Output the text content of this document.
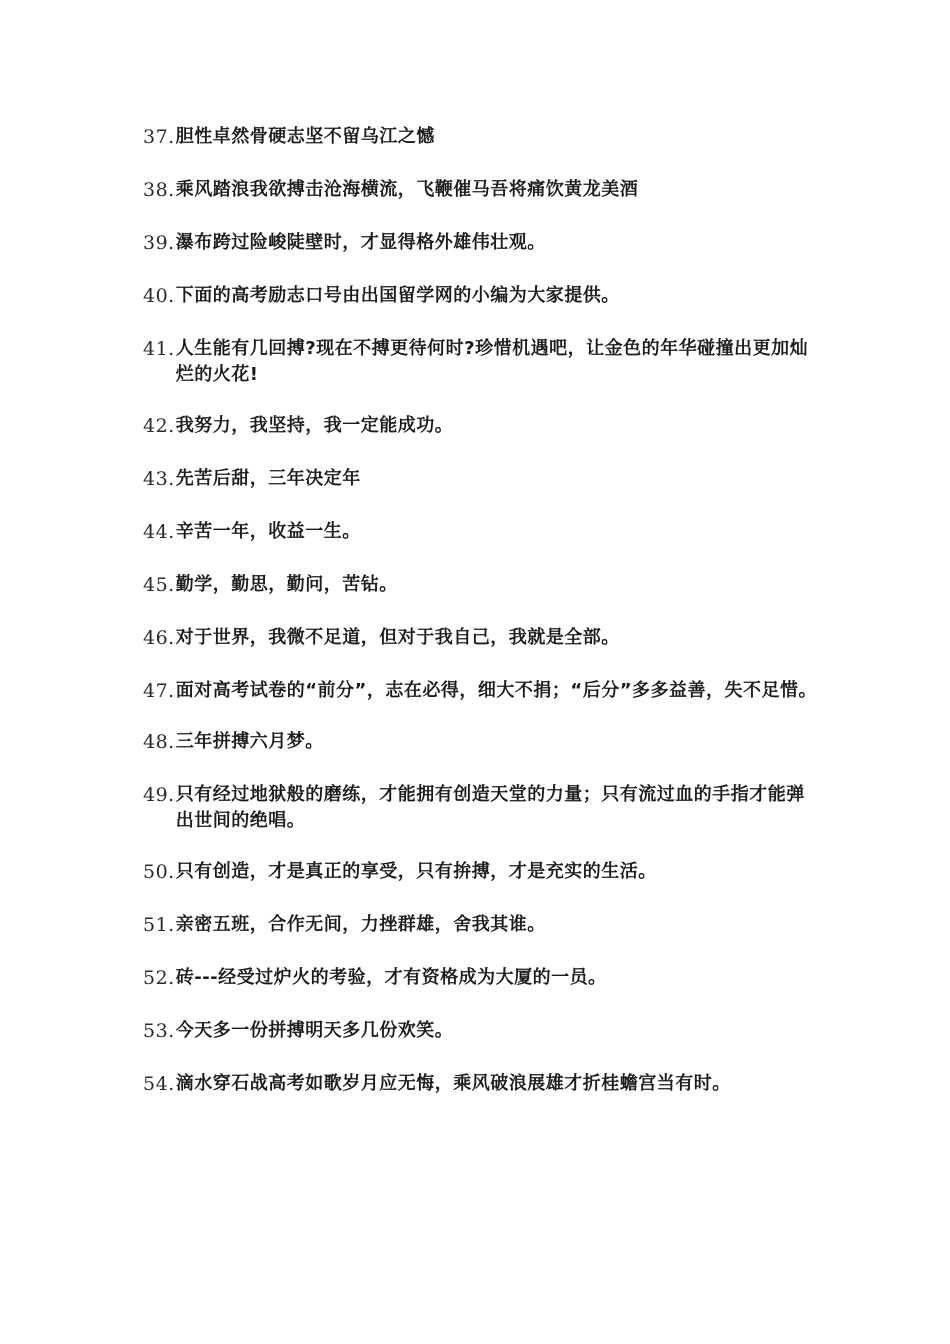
37. 胆性卓然骨硬志坚不留乌江之憾
38. 乘风踏浪我欲搏击沧海横流，飞鞭催马吾将痛饮黄龙美酒
39. 瀑布跨过险峻陡壁时，才显得格外雄伟壮观。
40. 下面的高考励志口号由出国留学网的小编为大家提供。
41. 人生能有几回搏?现在不搏更待何时?珍惜机遇吧，让金色的年华碰撞出更加灿烂的火花!
42. 我努力，我坚持，我一定能成功。
43. 先苦后甜，三年决定年
44. 辛苦一年，收益一生。
45. 勤学，勤思，勤问，苦钻。
46. 对于世界，我微不足道，但对于我自己，我就是全部。
47. 面对高考试卷的“前分”，志在必得，细大不捐；“后分”多多益善，失不足惜。
48. 三年拼搏六月梦。
49. 只有经过地狱般的磨练，才能拥有创造天堂的力量；只有流过血的手指才能弹出世间的绝唱。
50. 只有创造，才是真正的享受，只有拚搏，才是充实的生活。
51. 亲密五班，合作无间，力挫群雄，舍我其谁。
52. 砖---经受过炉火的考验，才有资格成为大厦的一员。
53. 今天多一份拼搏明天多几份欢笑。
54. 滴水穿石战高考如歌岁月应无悔，乘风破浪展雄才折桂蟾宫当有时。
